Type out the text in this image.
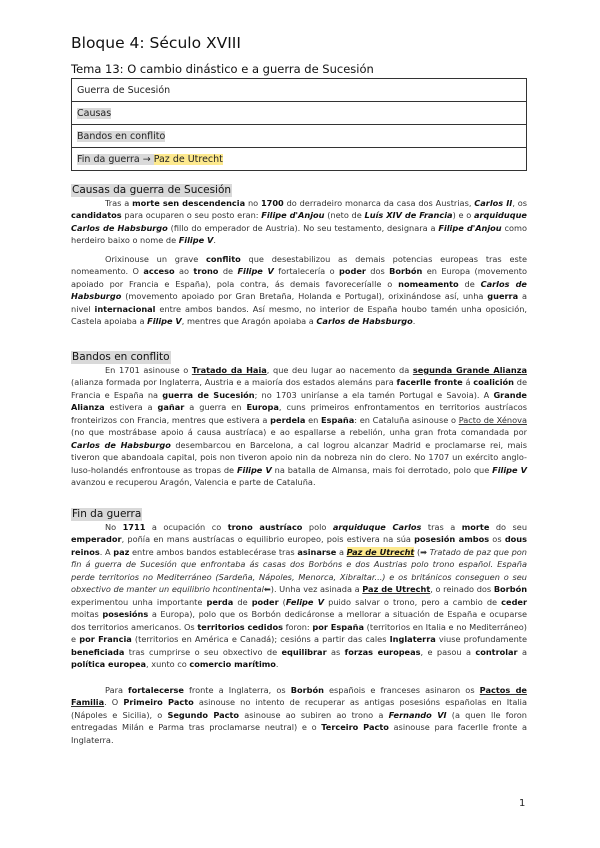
Bloque 4: Século XVIII
Tema 13: O cambio dinástico e a guerra de Sucesión
Guerra de Sucesión
Causas
Bandos en conflito
Fin da guerra → Paz de Utrecht
Causas da guerra de Sucesión
Tras a morte sen descendencia no 1700 do derradeiro monarca da casa dos Austrias, Carlos II, os candidatos para ocuparen o seu posto eran: Filipe d'Anjou (neto de Luís XIV de Francia) e o arquiduque Carlos de Habsburgo (fillo do emperador de Austria). No seu testamento, designara a Filipe d'Anjou como herdeiro baixo o nome de Filipe V.
Orixinouse un grave conflito que desestabilizou as demais potencias europeas tras este nomeamento. O acceso ao trono de Filipe V fortalecería o poder dos Borbón en Europa (movemento apoiado por Francia e España), pola contra, ás demais favoreceríalle o nomeamento de Carlos de Habsburgo (movemento apoiado por Gran Bretaña, Holanda e Portugal), orixinándose así, unha guerra a nivel internacional entre ambos bandos. Así mesmo, no interior de España houbo tamén unha oposición, Castela apoiaba a Filipe V, mentres que Aragón apoiaba a Carlos de Habsburgo.
Bandos en conflito
En 1701 asinouse o Tratado da Haia, que deu lugar ao nacemento da segunda Grande Alianza (alianza formada por Inglaterra, Austria e a maioría dos estados alemáns para facerlle fronte á coalición de Francia e España na guerra de Sucesión; no 1703 uniríanse a ela tamén Portugal e Savoia). A Grande Alianza estivera a gañar a guerra en Europa, cuns primeiros enfrontamentos en territorios austríacos fronteirizos con Francia, mentres que estivera a perdela en España: en Cataluña asinouse o Pacto de Xénova (no que mostrábase apoio á causa austríaca) e ao espallarse a rebelión, unha gran frota comandada por Carlos de Habsburgo desembarcou en Barcelona, a cal logrou alcanzar Madrid e proclamarse rei, mais tiveron que abandoala capital, pois non tiveron apoio nin da nobreza nin do clero. No 1707 un exército anglo-luso-holandés enfrontouse as tropas de Filipe V na batalla de Almansa, mais foi derrotado, polo que Filipe V avanzou e recuperou Aragón, Valencia e parte de Cataluña.
Fin da guerra
No 1711 a ocupación co trono austríaco polo arquiduque Carlos tras a morte do seu emperador, poñía en mans austríacas o equilibrio europeo, pois estivera na súa posesión ambos os dous reinos. A paz entre ambos bandos establecérase tras asinarse a Paz de Utrecht (➡ Tratado de paz que pon fin á guerra de Sucesión que enfrontaba ás casas dos Borbóns e dos Austrias polo trono español. España perde territorios no Mediterráneo (Sardeña, Nápoles, Menorca, Xibraltar...) e os británicos conseguen o seu obxectivo de manter un equilibrio hcontinental⬅). Unha vez asinada a Paz de Utrecht, o reinado dos Borbón experimentou unha importante perda de poder (Felipe V puido salvar o trono, pero a cambio de ceder moitas posesións a Europa), polo que os Borbón dedicáronse a mellorar a situación de España e ocuparse dos territorios americanos. Os territorios cedidos foron: por España (territorios en Italia e no Mediterráneo) e por Francia (territorios en América e Canadá); cesións a partir das cales Inglaterra viuse profundamente beneficiada tras cumprirse o seu obxectivo de equilibrar as forzas europeas, e pasou a controlar a política europea, xunto co comercio marítimo.
Para fortalecerse fronte a Inglaterra, os Borbón españois e franceses asinaron os Pactos de Familia. O Primeiro Pacto asinouse no intento de recuperar as antigas posesións españolas en Italia (Nápoles e Sicilia), o Segundo Pacto asinouse ao subiren ao trono a Fernando VI (a quen lle foron entregadas Milán e Parma tras proclamarse neutral) e o Terceiro Pacto asinouse para facerlle fronte a Inglaterra.
1
